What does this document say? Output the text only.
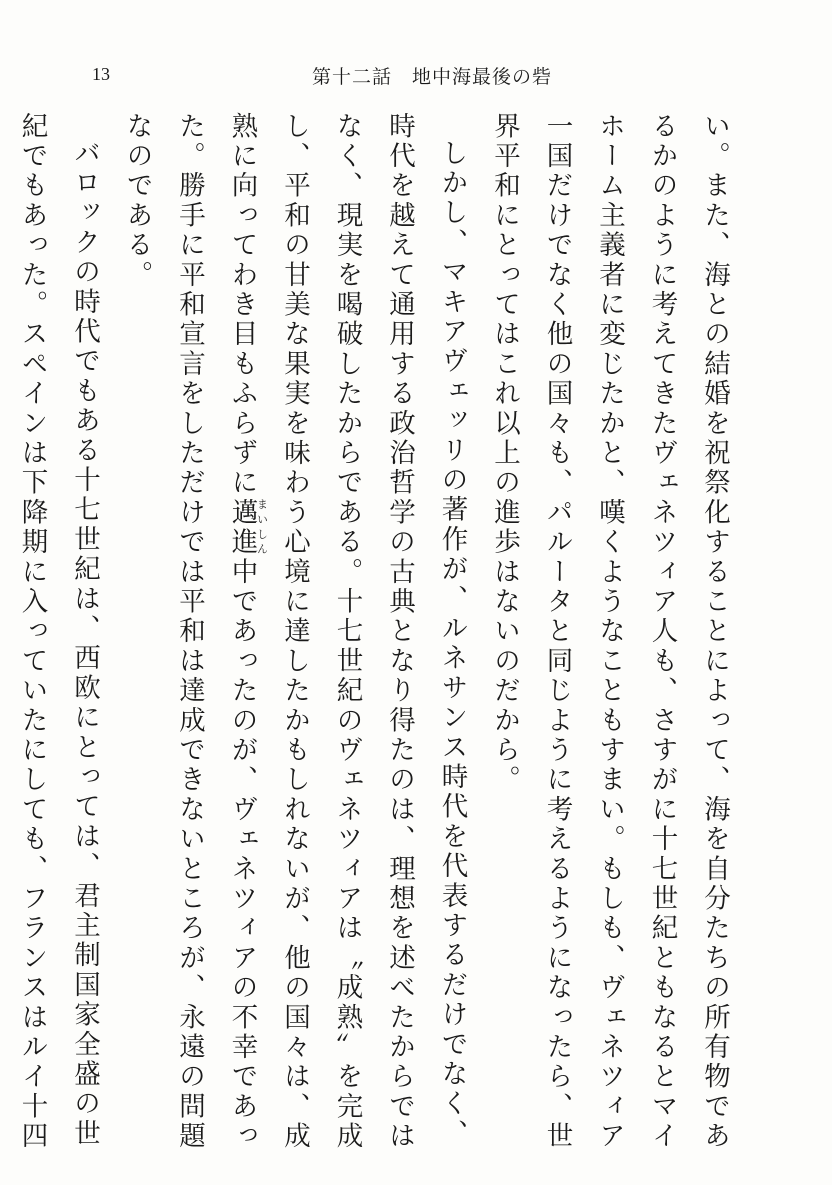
13	第十二話　地中海最後の砦

い。また、海との結婚を祝祭化することによって、海を自分たちの所有物であるかのように考えてきたヴェネツィア人も、さすがに十七世紀ともなるとマイホーム主義者に変じたかと、嘆くようなこともすまい。もしも、ヴェネツィア一国だけでなく他の国々も、パルータと同じように考えるようになったら、世界平和にとってはこれ以上の進歩はないのだから。

しかし、マキアヴェッリの著作が、ルネサンス時代を代表するだけでなく、時代を越えて通用する政治哲学の古典となり得たのは、理想を述べたからではなく、現実を喝破したからである。十七世紀のヴェネツィアは〝成熟〟を完成し、平和の甘美な果実を味わう心境に達したかもしれないが、他の国々は、成熟に向ってわき目もふらずに邁進まいしん中であったのが、ヴェネツィアの不幸であった。勝手に平和宣言をしただけでは平和は達成できないところが、永遠の問題なのである。

バロックの時代でもある十七世紀は、西欧にとっては、君主制国家全盛の世紀でもあった。スペインは下降期に入っていたにしても、フランスはルイ十四
